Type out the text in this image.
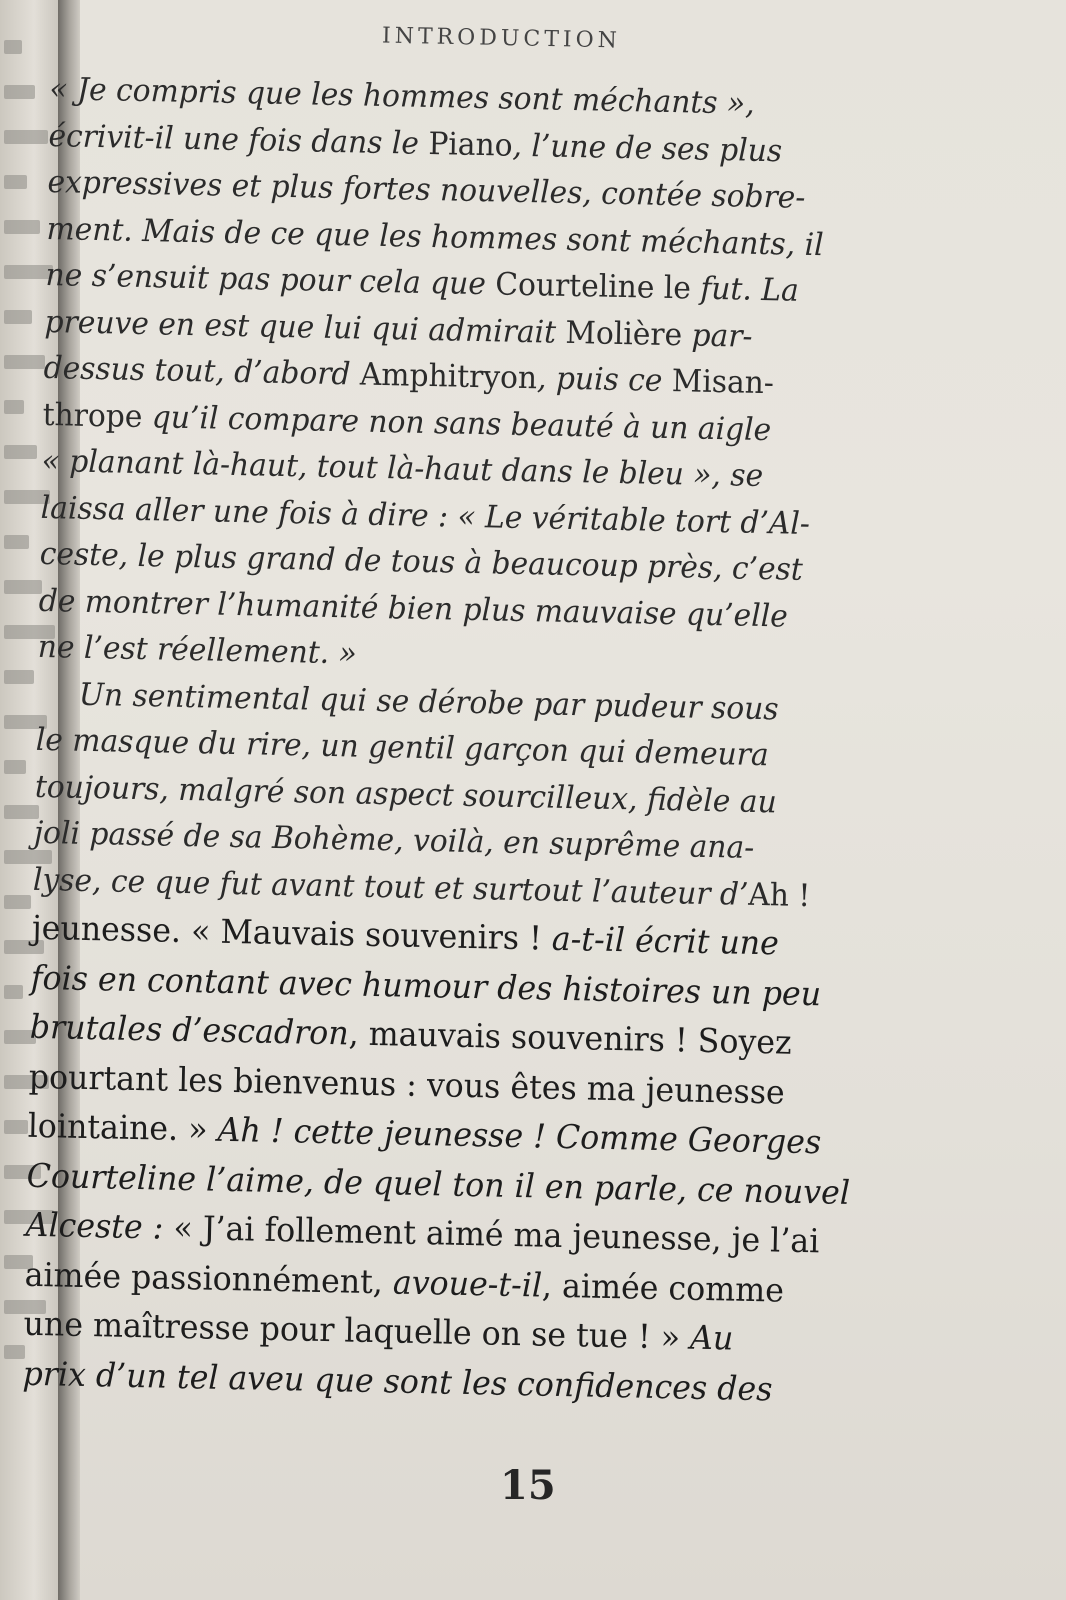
INTRODUCTION
« Je compris que les hommes sont méchants »,
écrivit-il une fois dans le Piano, l’une de ses plus
expressives et plus fortes nouvelles, contée sobre-
ment. Mais de ce que les hommes sont méchants, il
ne s’ensuit pas pour cela que Courteline le fut. La
preuve en est que lui qui admirait Molière par-
dessus tout, d’abord Amphitryon, puis ce Misan-
thrope qu’il compare non sans beauté à un aigle
« planant là-haut, tout là-haut dans le bleu », se
laissa aller une fois à dire : « Le véritable tort d’Al-
ceste, le plus grand de tous à beaucoup près, c’est
de montrer l’humanité bien plus mauvaise qu’elle
ne l’est réellement. »
Un sentimental qui se dérobe par pudeur sous
le masque du rire, un gentil garçon qui demeura
toujours, malgré son aspect sourcilleux, fidèle au
joli passé de sa Bohème, voilà, en suprême ana-
lyse, ce que fut avant tout et surtout l’auteur d’Ah !
jeunesse. « Mauvais souvenirs ! a-t-il écrit une
fois en contant avec humour des histoires un peu
brutales d’escadron, mauvais souvenirs ! Soyez
pourtant les bienvenus : vous êtes ma jeunesse
lointaine. » Ah ! cette jeunesse ! Comme Georges
Courteline l’aime, de quel ton il en parle, ce nouvel
Alceste : « J’ai follement aimé ma jeunesse, je l’ai
aimée passionnément, avoue-t-il, aimée comme
une maîtresse pour laquelle on se tue ! » Au
prix d’un tel aveu que sont les confidences des
15
